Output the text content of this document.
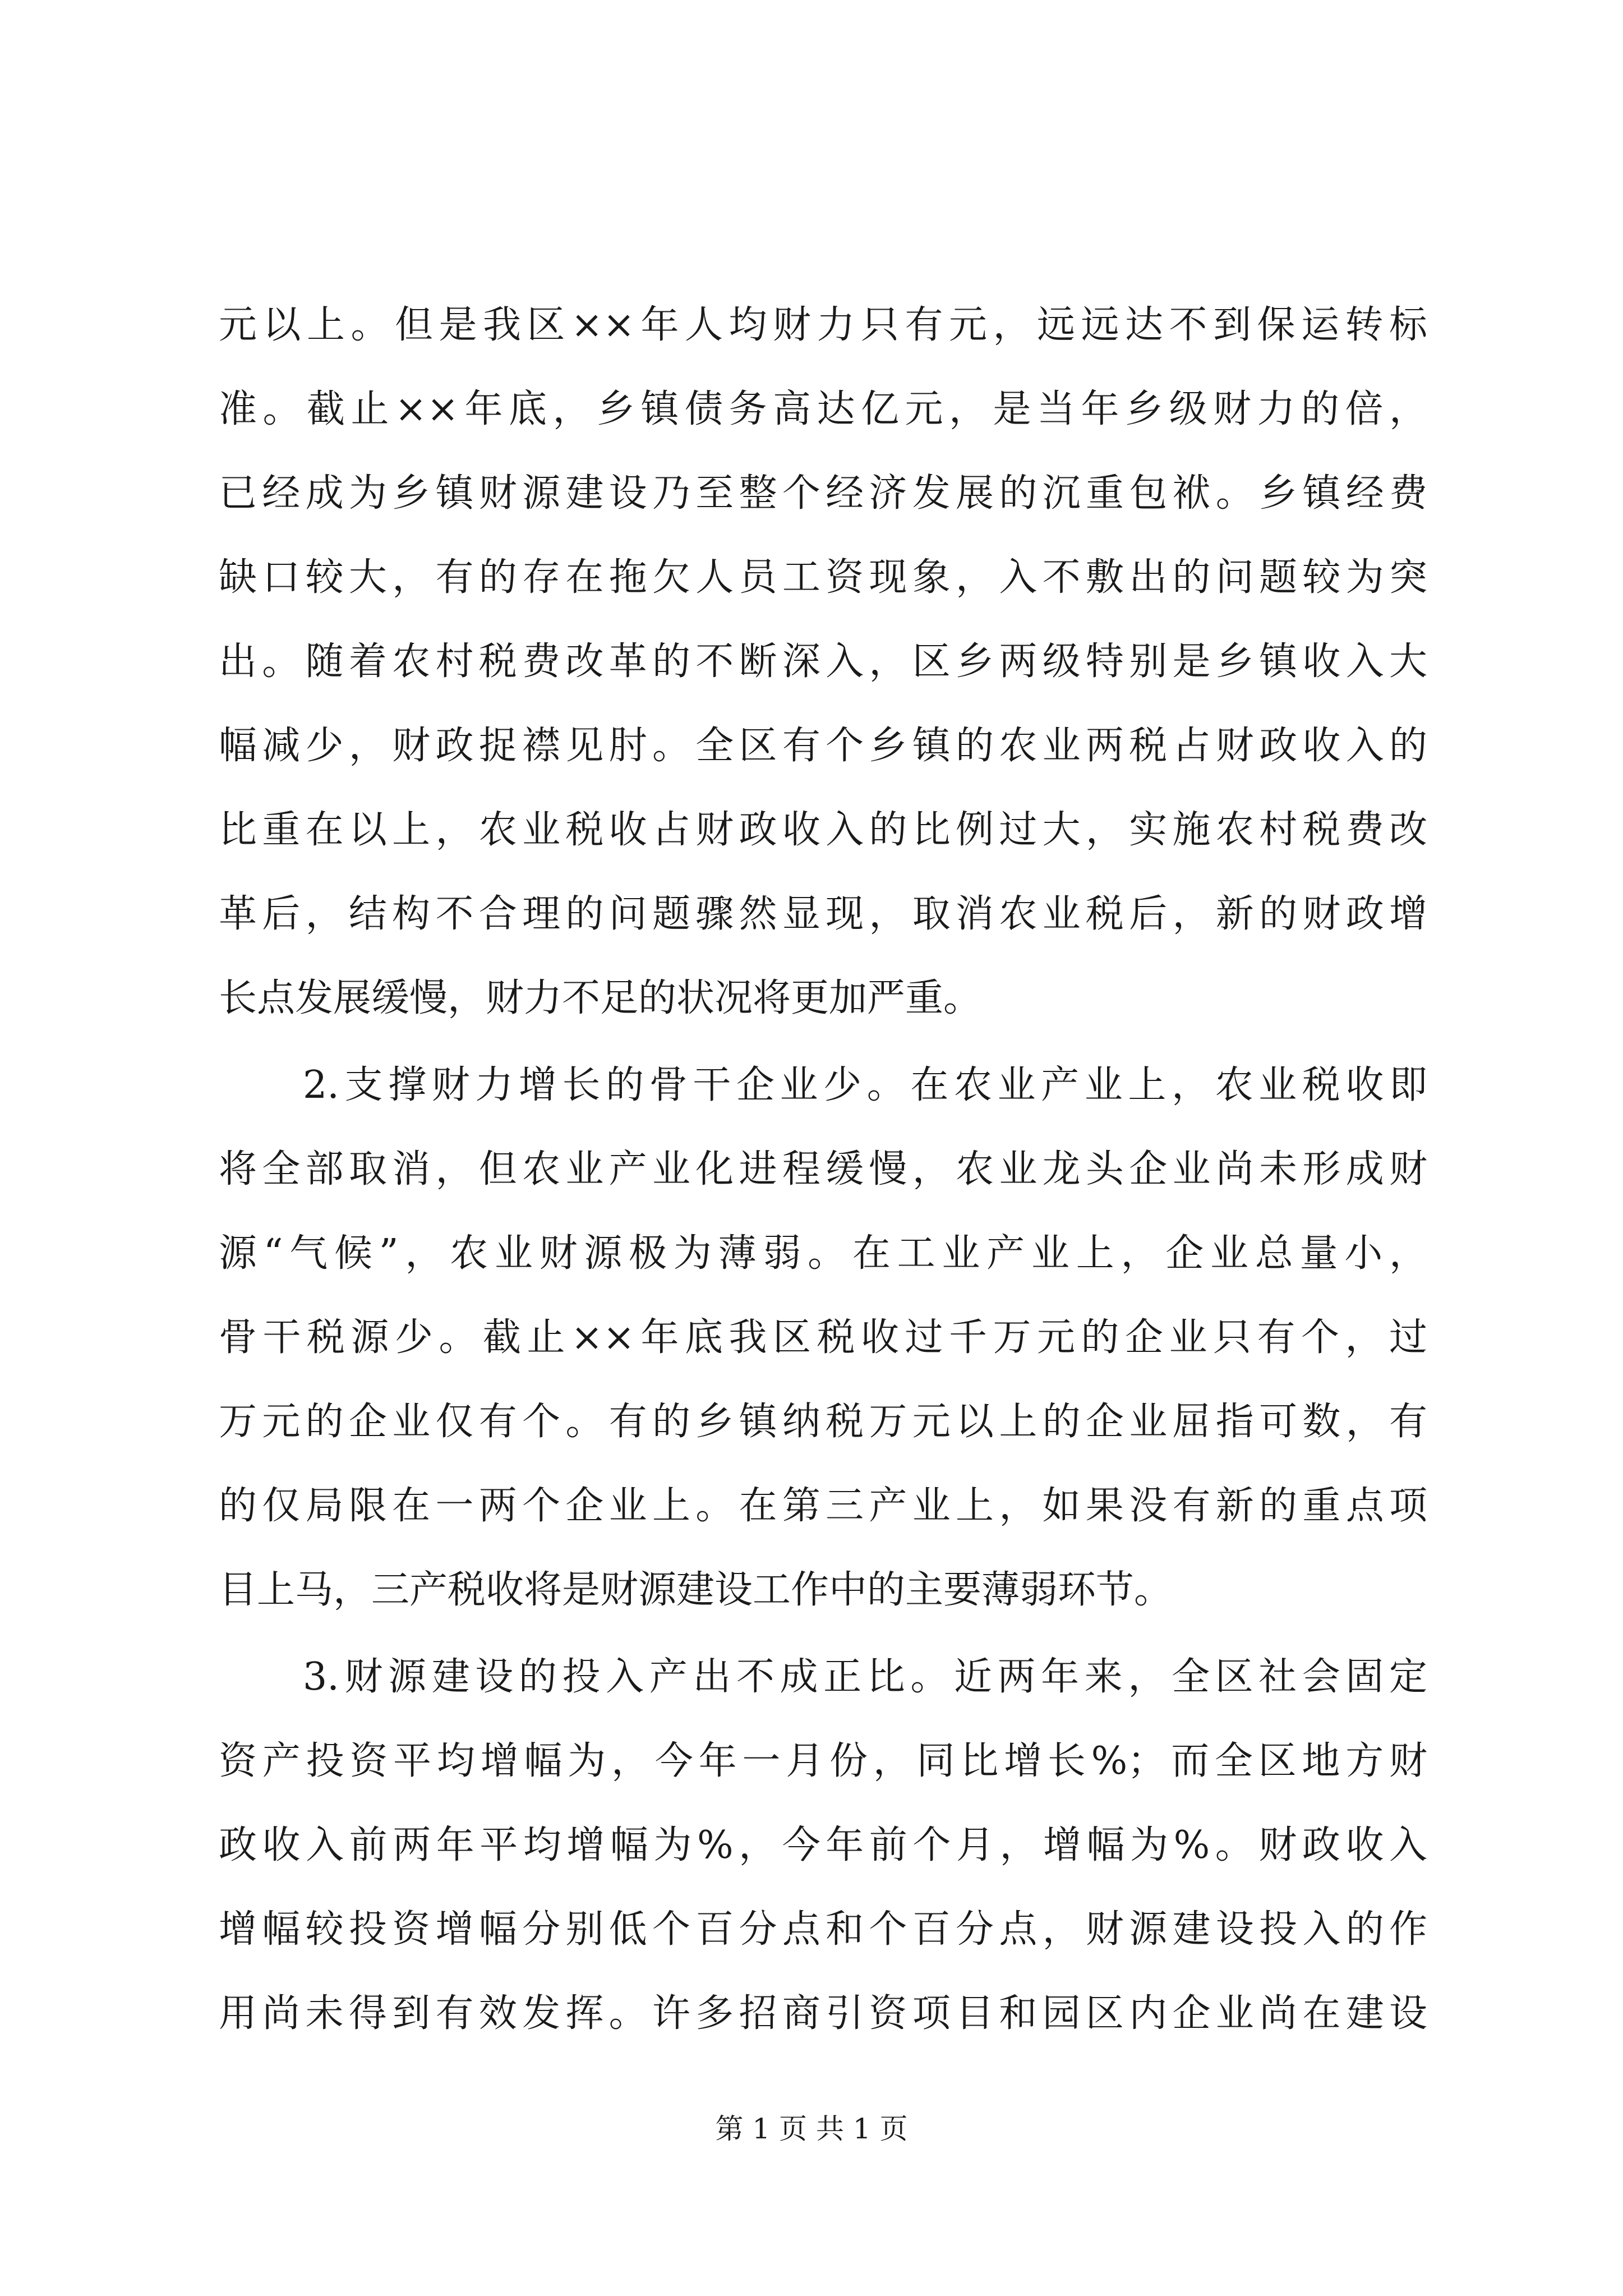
元以上。但是我区××年人均财力只有元，远远达不到保运转标
准。截止××年底，乡镇债务高达亿元，是当年乡级财力的倍，
已经成为乡镇财源建设乃至整个经济发展的沉重包袱。乡镇经费
缺口较大，有的存在拖欠人员工资现象，入不敷出的问题较为突
出。随着农村税费改革的不断深入，区乡两级特别是乡镇收入大
幅减少，财政捉襟见肘。全区有个乡镇的农业两税占财政收入的
比重在以上，农业税收占财政收入的比例过大，实施农村税费改
革后，结构不合理的问题骤然显现，取消农业税后，新的财政增
长点发展缓慢，财力不足的状况将更加严重。
2.支撑财力增长的骨干企业少。在农业产业上，农业税收即
将全部取消，但农业产业化进程缓慢，农业龙头企业尚未形成财
源“气候”，农业财源极为薄弱。在工业产业上，企业总量小，
骨干税源少。截止××年底我区税收过千万元的企业只有个，过
万元的企业仅有个。有的乡镇纳税万元以上的企业屈指可数，有
的仅局限在一两个企业上。在第三产业上，如果没有新的重点项
目上马，三产税收将是财源建设工作中的主要薄弱环节。
3.财源建设的投入产出不成正比。近两年来，全区社会固定
资产投资平均增幅为，今年一月份，同比增长%；而全区地方财
政收入前两年平均增幅为%，今年前个月，增幅为%。财政收入
增幅较投资增幅分别低个百分点和个百分点，财源建设投入的作
用尚未得到有效发挥。许多招商引资项目和园区内企业尚在建设
第 1 页 共 1 页
